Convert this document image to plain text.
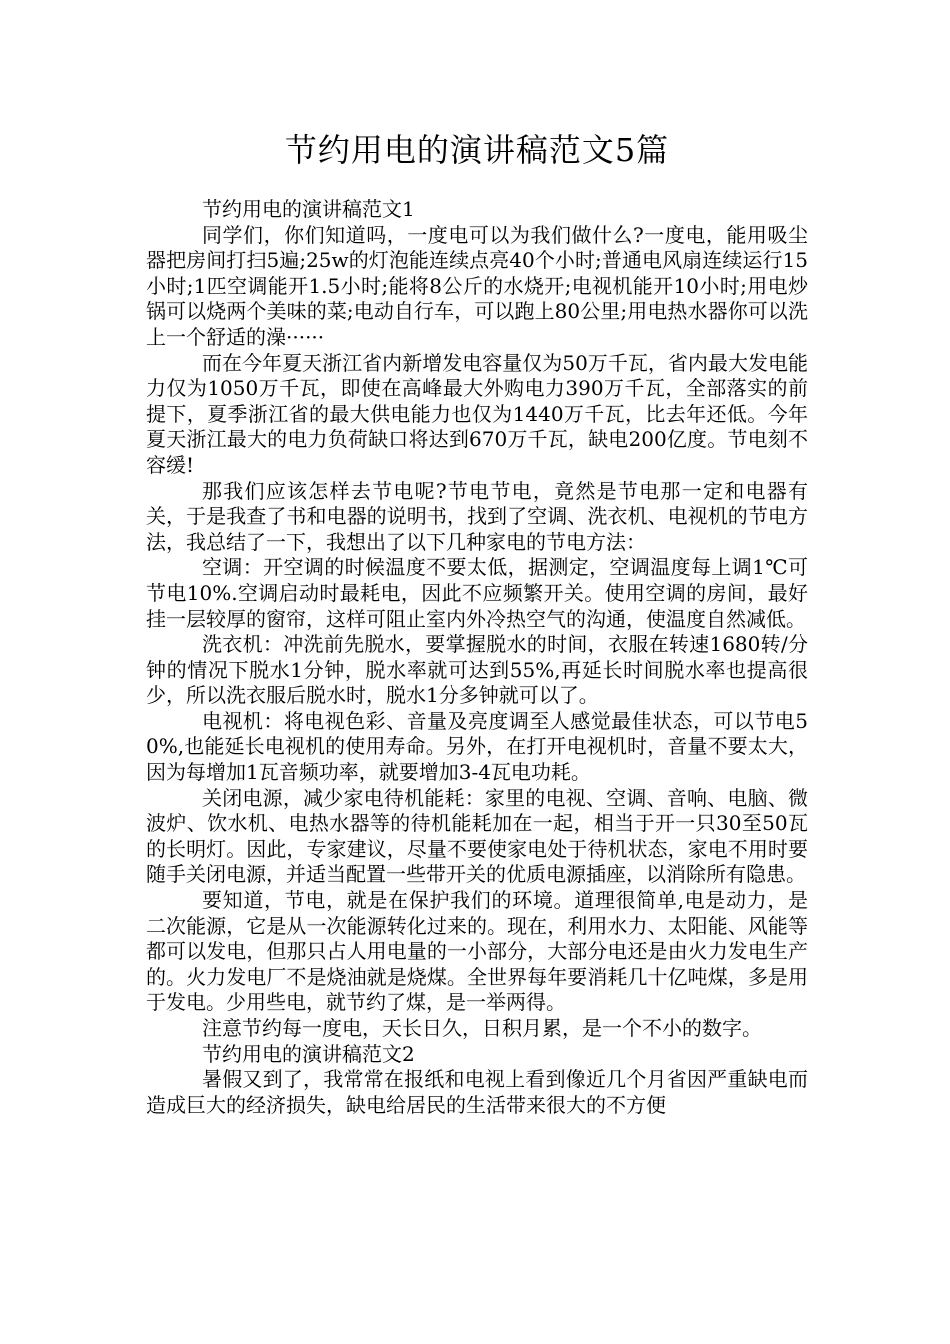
节约用电的演讲稿范文5篇

节约用电的演讲稿范文1

同学们，你们知道吗，一度电可以为我们做什么?一度电，能用吸尘器把房间打扫5遍;25w的灯泡能连续点亮40个小时;普通电风扇连续运行15小时;1匹空调能开1.5小时;能将8公斤的水烧开;电视机能开10小时;用电炒锅可以烧两个美味的菜;电动自行车，可以跑上80公里;用电热水器你可以洗上一个舒适的澡······

而在今年夏天浙江省内新增发电容量仅为50万千瓦，省内最大发电能力仅为1050万千瓦，即使在高峰最大外购电力390万千瓦，全部落实的前提下，夏季浙江省的最大供电能力也仅为1440万千瓦，比去年还低。今年夏天浙江最大的电力负荷缺口将达到670万千瓦，缺电200亿度。节电刻不容缓!

那我们应该怎样去节电呢?节电节电，竟然是节电那一定和电器有关，于是我查了书和电器的说明书，找到了空调、洗衣机、电视机的节电方法，我总结了一下，我想出了以下几种家电的节电方法：

空调：开空调的时候温度不要太低，据测定，空调温度每上调1℃可节电10%.空调启动时最耗电，因此不应频繁开关。使用空调的房间，最好挂一层较厚的窗帘，这样可阻止室内外冷热空气的沟通，使温度自然减低。

洗衣机：冲洗前先脱水，要掌握脱水的时间，衣服在转速1680转/分钟的情况下脱水1分钟，脱水率就可达到55%,再延长时间脱水率也提高很少，所以洗衣服后脱水时，脱水1分多钟就可以了。

电视机：将电视色彩、音量及亮度调至人感觉最佳状态，可以节电50%,也能延长电视机的使用寿命。另外，在打开电视机时，音量不要太大，因为每增加1瓦音频功率，就要增加3-4瓦电功耗。

关闭电源，减少家电待机能耗：家里的电视、空调、音响、电脑、微波炉、饮水机、电热水器等的待机能耗加在一起，相当于开一只30至50瓦的长明灯。因此，专家建议，尽量不要使家电处于待机状态，家电不用时要随手关闭电源，并适当配置一些带开关的优质电源插座，以消除所有隐患。

要知道，节电，就是在保护我们的环境。道理很简单,电是动力，是二次能源，它是从一次能源转化过来的。现在，利用水力、太阳能、风能等都可以发电，但那只占人用电量的一小部分，大部分电还是由火力发电生产的。火力发电厂不是烧油就是烧煤。全世界每年要消耗几十亿吨煤，多是用于发电。少用些电，就节约了煤，是一举两得。

注意节约每一度电，天长日久，日积月累，是一个不小的数字。

节约用电的演讲稿范文2

暑假又到了，我常常在报纸和电视上看到像近几个月省因严重缺电而造成巨大的经济损失，缺电给居民的生活带来很大的不方便
